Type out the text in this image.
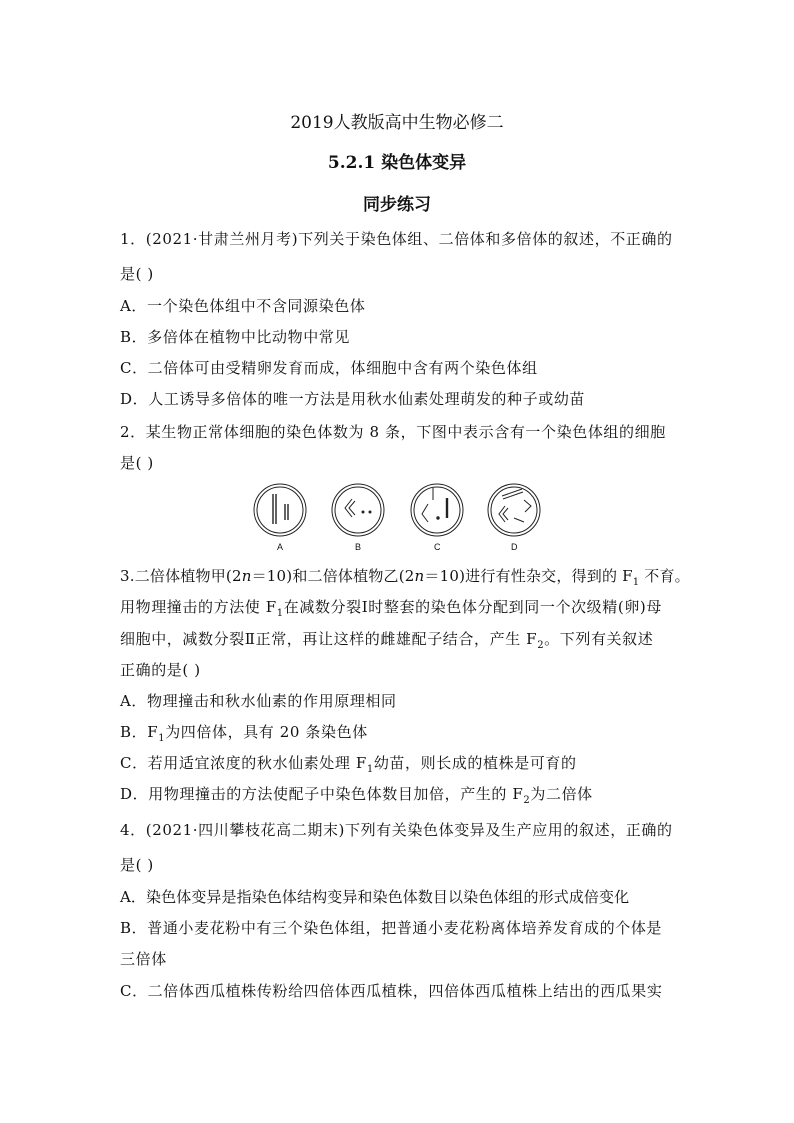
2019人教版高中生物必修二
5.2.1 染色体变异
同步练习
1．(2021·甘肃兰州月考)下列关于染色体组、二倍体和多倍体的叙述，不正确的
是( )
A．一个染色体组中不含同源染色体
B．多倍体在植物中比动物中常见
C．二倍体可由受精卵发育而成，体细胞中含有两个染色体组
D．人工诱导多倍体的唯一方法是用秋水仙素处理萌发的种子或幼苗
2．某生物正常体细胞的染色体数为 8 条，下图中表示含有一个染色体组的细胞
是( )
A	B	C	D
3.二倍体植物甲(2n＝10)和二倍体植物乙(2n＝10)进行有性杂交，得到的 $F_1$ 不育。
用物理撞击的方法使 $F_1$在减数分裂Ⅰ时整套的染色体分配到同一个次级精(卵)母
细胞中，减数分裂Ⅱ正常，再让这样的雌雄配子结合，产生 $F_2$。下列有关叙述
正确的是( )
A．物理撞击和秋水仙素的作用原理相同
B．$F_1$为四倍体，具有 20 条染色体
C．若用适宜浓度的秋水仙素处理 $F_1$幼苗，则长成的植株是可育的
D．用物理撞击的方法使配子中染色体数目加倍，产生的 $F_2$为二倍体
4．(2021·四川攀枝花高二期末)下列有关染色体变异及生产应用的叙述，正确的
是( )
A．染色体变异是指染色体结构变异和染色体数目以染色体组的形式成倍变化
B．普通小麦花粉中有三个染色体组，把普通小麦花粉离体培养发育成的个体是
三倍体
C．二倍体西瓜植株传粉给四倍体西瓜植株，四倍体西瓜植株上结出的西瓜果实
